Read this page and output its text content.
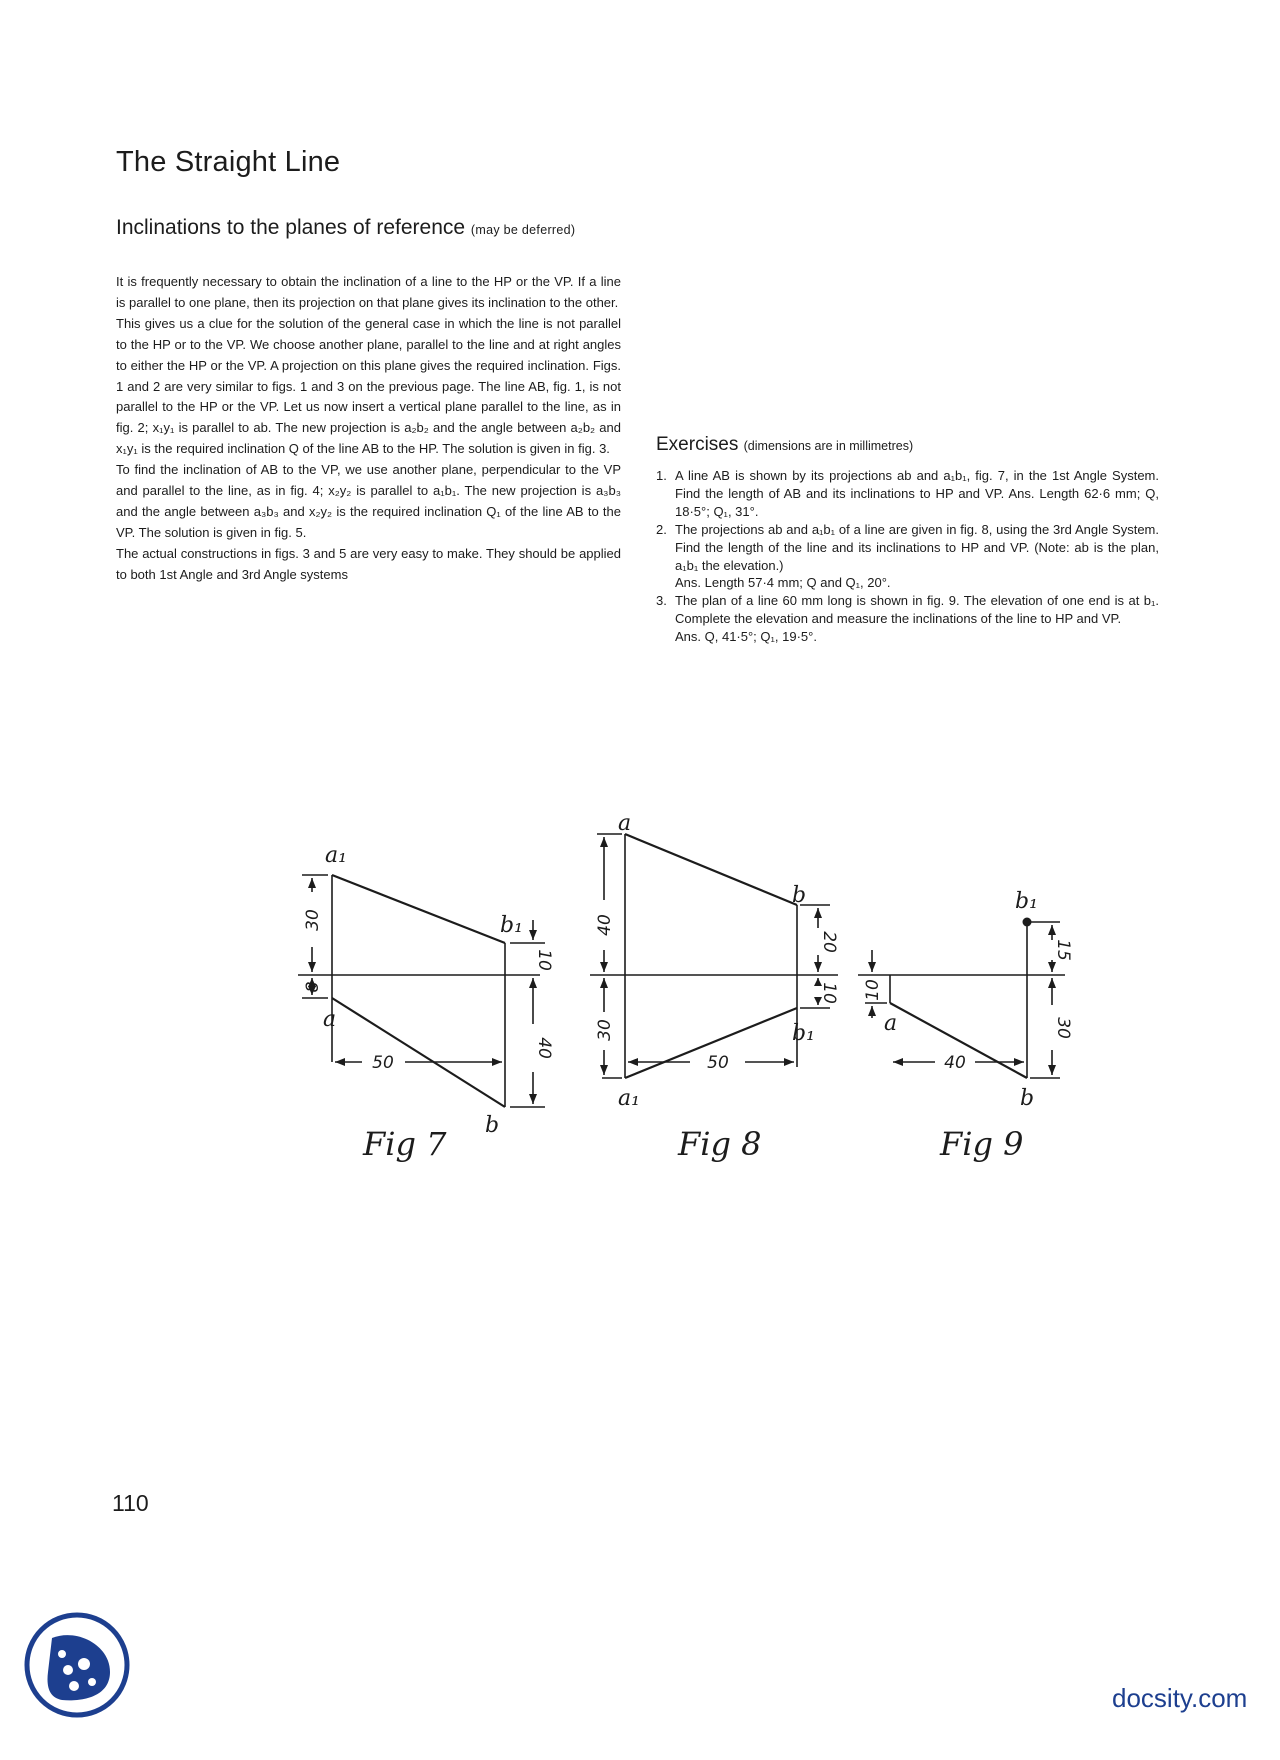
The Straight Line
Inclinations to the planes of reference (may be deferred)

It is frequently necessary to obtain the inclination of a line to the HP or the VP. If a line is parallel to one plane, then its projection on that plane gives its inclination to the other.

This gives us a clue for the solution of the general case in which the line is not parallel to the HP or to the VP. We choose another plane, parallel to the line and at right angles to either the HP or the VP. A projection on this plane gives the required inclination. Figs. 1 and 2 are very similar to figs. 1 and 3 on the previous page. The line AB, fig. 1, is not parallel to the HP or the VP. Let us now insert a vertical plane parallel to the line, as in fig. 2; x₁y₁ is parallel to ab. The new projection is a₂b₂ and the angle between a₂b₂ and x₁y₁ is the required inclination Q of the line AB to the HP. The solution is given in fig. 3.

To find the inclination of AB to the VP, we use another plane, perpendicular to the VP and parallel to the line, as in fig. 4; x₂y₂ is parallel to a₁b₁. The new projection is a₃b₃ and the angle between a₃b₃ and x₂y₂ is the required inclination Q₁ of the line AB to the VP. The solution is given in fig. 5.

The actual constructions in figs. 3 and 5 are very easy to make. They should be applied to both 1st Angle and 3rd Angle systems

Exercises (dimensions are in millimetres)
1. A line AB is shown by its projections ab and a₁b₁, fig. 7, in the 1st Angle System. Find the length of AB and its inclinations to HP and VP. Ans. Length 62·6 mm; Q, 18·5°; Q₁, 31°.
2. The projections ab and a₁b₁ of a line are given in fig. 8, using the 3rd Angle System. Find the length of the line and its inclinations to HP and VP. (Note: ab is the plan, a₁b₁ the elevation.)
Ans. Length 57·4 mm; Q and Q₁, 20°.
3. The plan of a line 60 mm long is shown in fig. 9. The elevation of one end is at b₁. Complete the elevation and measure the inclinations of the line to HP and VP.
Ans. Q, 41·5°; Q₁, 19·5°.
a₁
b₁
a
b
30
8
10
40
50
Fig 7
a
b
b₁
a₁
40
20
30
10
50
Fig 8
b₁
a
b
10
15
30
40
Fig 9
110
docsity.com
